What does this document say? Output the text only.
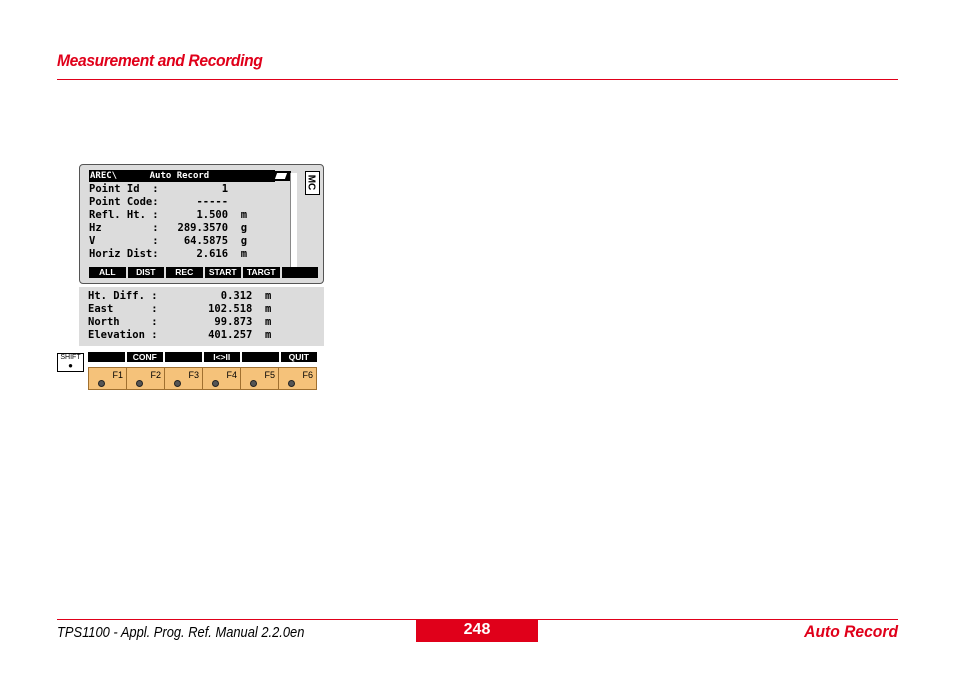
Measurement and Recording
AREC\      Auto Record	MC
Point Id  :          1
Point Code:      -----
Refl. Ht. :      1.500  m
Hz        :   289.3570  g
V         :    64.5875  g
Horiz Dist:      2.616  m
ALL	DIST	REC	START	TARGT
Ht. Diff. :          0.312  m
East      :        102.518  m
North     :         99.873  m
Elevation :        401.257  m
SHIFT
●
CONF	I<>II	QUIT
F1	F2	F3	F4	F5	F6
TPS1100 - Appl. Prog. Ref. Manual 2.2.0en	248	Auto Record
